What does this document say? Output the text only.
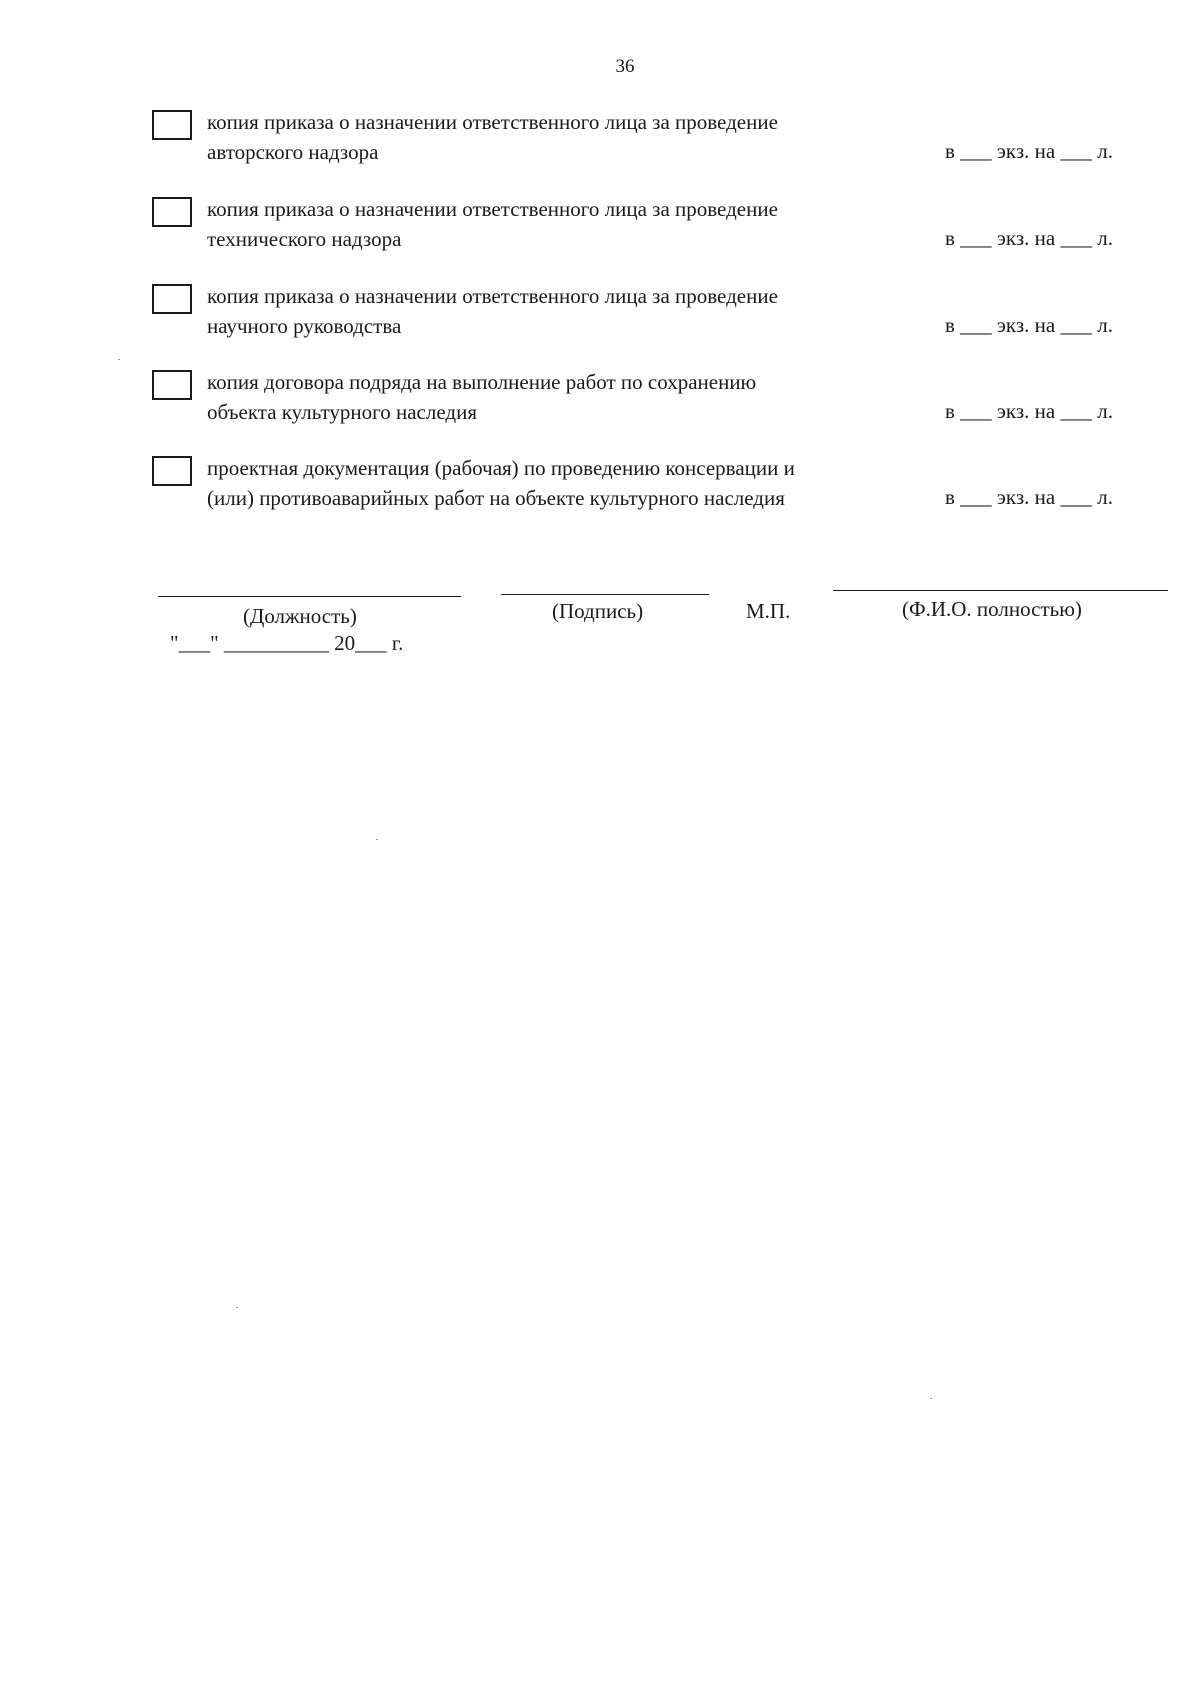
36
копия приказа о назначении ответственного лица за проведение
авторского надзора	в ___ экз. на ___ л.
копия приказа о назначении ответственного лица за проведение
технического надзора	в ___ экз. на ___ л.
копия приказа о назначении ответственного лица за проведение
научного руководства	в ___ экз. на ___ л.
копия договора подряда на выполнение работ по сохранению
объекта культурного наследия	в ___ экз. на ___ л.
проектная документация (рабочая) по проведению консервации и
(или) противоаварийных работ на объекте культурного наследия	в ___ экз. на ___ л.
(Должность)	(Подпись)	М.П.	(Ф.И.О. полностью)
"___" __________ 20___ г.
